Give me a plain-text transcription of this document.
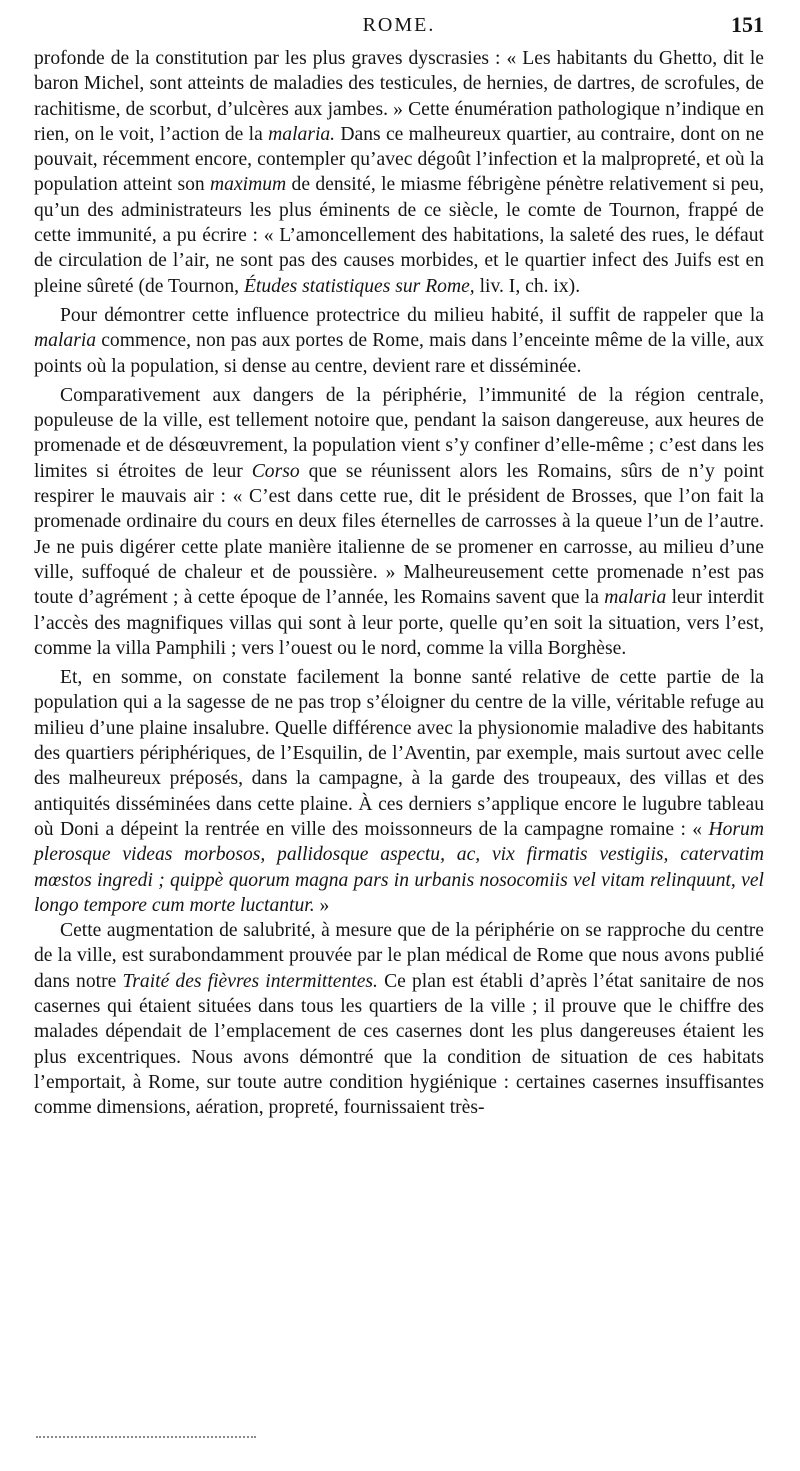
ROME.	151

profonde de la constitution par les plus graves dyscrasies : « Les habitants du Ghetto, dit le baron Michel, sont atteints de maladies des testicules, de hernies, de dartres, de scrofules, de rachitisme, de scorbut, d’ulcères aux jambes. » Cette énumération pathologique n’indique en rien, on le voit, l’action de la malaria. Dans ce malheureux quartier, au contraire, dont on ne pouvait, récemment encore, contempler qu’avec dégoût l’infection et la malpropreté, et où la population atteint son maximum de densité, le miasme fébrigène pénètre relativement si peu, qu’un des administrateurs les plus éminents de ce siècle, le comte de Tournon, frappé de cette immunité, a pu écrire : « L’amoncellement des habitations, la saleté des rues, le défaut de circulation de l’air, ne sont pas des causes morbides, et le quartier infect des Juifs est en pleine sûreté (de Tournon, Études statistiques sur Rome, liv. I, ch. ix).

Pour démontrer cette influence protectrice du milieu habité, il suffit de rappeler que la malaria commence, non pas aux portes de Rome, mais dans l’enceinte même de la ville, aux points où la population, si dense au centre, devient rare et disséminée.

Comparativement aux dangers de la périphérie, l’immunité de la région centrale, populeuse de la ville, est tellement notoire que, pendant la saison dangereuse, aux heures de promenade et de désœuvrement, la population vient s’y confiner d’elle-même ; c’est dans les limites si étroites de leur Corso que se réunissent alors les Romains, sûrs de n’y point respirer le mauvais air : « C’est dans cette rue, dit le président de Brosses, que l’on fait la promenade ordinaire du cours en deux files éternelles de carrosses à la queue l’un de l’autre. Je ne puis digérer cette plate manière italienne de se promener en carrosse, au milieu d’une ville, suffoqué de chaleur et de poussière. » Malheureusement cette promenade n’est pas toute d’agrément ; à cette époque de l’année, les Romains savent que la malaria leur interdit l’accès des magnifiques villas qui sont à leur porte, quelle qu’en soit la situation, vers l’est, comme la villa Pamphili ; vers l’ouest ou le nord, comme la villa Borghèse.

Et, en somme, on constate facilement la bonne santé relative de cette partie de la population qui a la sagesse de ne pas trop s’éloigner du centre de la ville, véritable refuge au milieu d’une plaine insalubre. Quelle différence avec la physionomie maladive des habitants des quartiers périphériques, de l’Esquilin, de l’Aventin, par exemple, mais surtout avec celle des malheureux préposés, dans la campagne, à la garde des troupeaux, des villas et des antiquités disséminées dans cette plaine. À ces derniers s’applique encore le lugubre tableau où Doni a dépeint la rentrée en ville des moissonneurs de la campagne romaine : « Horum plerosque videas morbosos, pallidosque aspectu, ac, vix firmatis vestigiis, catervatim mœstos ingredi ; quippè quorum magna pars in urbanis nosocomiis vel vitam relinquunt, vel longo tempore cum morte luctantur. »

Cette augmentation de salubrité, à mesure que de la périphérie on se rapproche du centre de la ville, est surabondamment prouvée par le plan médical de Rome que nous avons publié dans notre Traité des fièvres intermittentes. Ce plan est établi d’après l’état sanitaire de nos casernes qui étaient situées dans tous les quartiers de la ville ; il prouve que le chiffre des malades dépendait de l’emplacement de ces casernes dont les plus dangereuses étaient les plus excentriques. Nous avons démontré que la condition de situation de ces habitats l’emportait, à Rome, sur toute autre condition hygiénique : certaines casernes insuffisantes comme dimensions, aération, propreté, fournissaient très-
